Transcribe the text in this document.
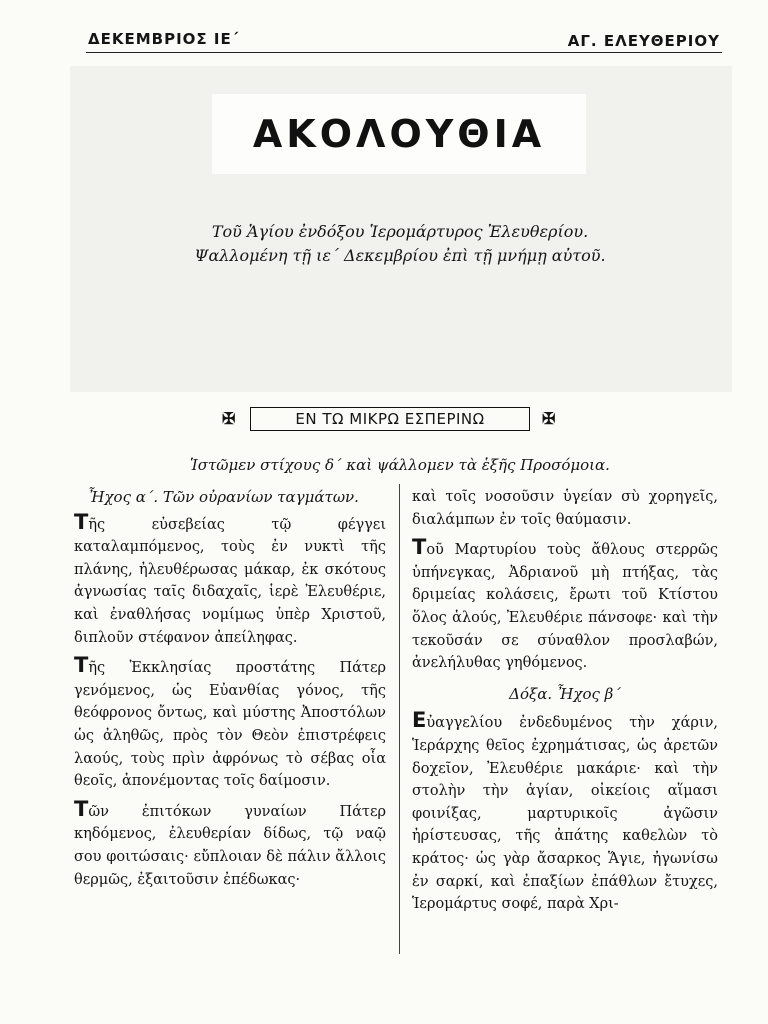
ΔΕΚΕΜΒΡΙΟΣ ΙΕ΄	ΑΓ. ΕΛΕΥΘΕΡΙΟΥ
ΑΚΟΛΟΥΘΙΑ
Τοῦ Ἁγίου ἐνδόξου Ἱερομάρτυρος Ἐλευθερίου.
Ψαλλομένη τῇ ιε΄ Δεκεμβρίου ἐπὶ τῇ μνήμῃ αὐτοῦ.
✠	ΕΝ ΤΩ ΜΙΚΡΩ ΕΣΠΕΡΙΝΩ	✠
Ἱστῶμεν στίχους δ΄ καὶ ψάλλομεν τὰ ἑξῆς Προσόμοια.
Ἦχος α΄. Τῶν οὐρανίων ταγμάτων.

Τῆς εὐσεβείας τῷ φέγγει καταλαμπόμενος, τοὺς ἐν νυκτὶ τῆς πλάνης, ἠλευθέρωσας μάκαρ, ἐκ σκότους ἀγνωσίας ταῖς διδαχαῖς, ἱερὲ Ἐλευθέριε, καὶ ἐναθλήσας νομίμως ὑπὲρ Χριστοῦ, διπλοῦν στέφανον ἀπείληφας.

Τῆς Ἐκκλησίας προστάτης Πάτερ γενόμενος, ὡς Εὐανθίας γόνος, τῆς θεόφρονος ὄντως, καὶ μύστης Ἀποστόλων ὡς ἀληθῶς, πρὸς τὸν Θεὸν ἐπιστρέφεις λαούς, τοὺς πρὶν ἀφρόνως τὸ σέβας οἷα θεοῖς, ἀπονέμοντας τοῖς δαίμοσιν.

Τῶν ἐπιτόκων γυναίων Πάτερ κηδόμενος, ἐλευθερίαν δίδως, τῷ ναῷ σου φοιτώσαις· εὔπλοιαν δὲ πάλιν ἄλλοις θερμῶς, ἐξαιτοῦσιν ἐπέδωκας·

καὶ τοῖς νοσοῦσιν ὑγείαν σὺ χορηγεῖς, διαλάμπων ἐν τοῖς θαύμασιν.

Τοῦ Μαρτυρίου τοὺς ἄθλους στερρῶς ὑπήνεγκας, Ἀδριανοῦ μὴ πτήξας, τὰς δριμείας κολάσεις, ἔρωτι τοῦ Κτίστου ὅλος ἁλούς, Ἐλευθέριε πάνσοφε· καὶ τὴν τεκοῦσάν σε σύναθλον προσλαβών, ἀνελήλυθας γηθόμενος.

Δόξα. Ἦχος β΄

Εὐαγγελίου ἐνδεδυμένος τὴν χάριν, Ἱεράρχης θεῖος ἐχρημάτισας, ὡς ἀρετῶν δοχεῖον, Ἐλευθέριε μακάριε· καὶ τὴν στολὴν τὴν ἁγίαν, οἰκείοις αἵμασι φοινίξας, μαρτυρικοῖς ἀγῶσιν ἠρίστευσας, τῆς ἀπάτης καθελὼν τὸ κράτος· ὡς γὰρ ἄσαρκος Ἅγιε, ἠγωνίσω ἐν σαρκί, καὶ ἐπαξίων ἐπάθλων ἔτυχες, Ἱερομάρτυς σοφέ, παρὰ Χρι-
